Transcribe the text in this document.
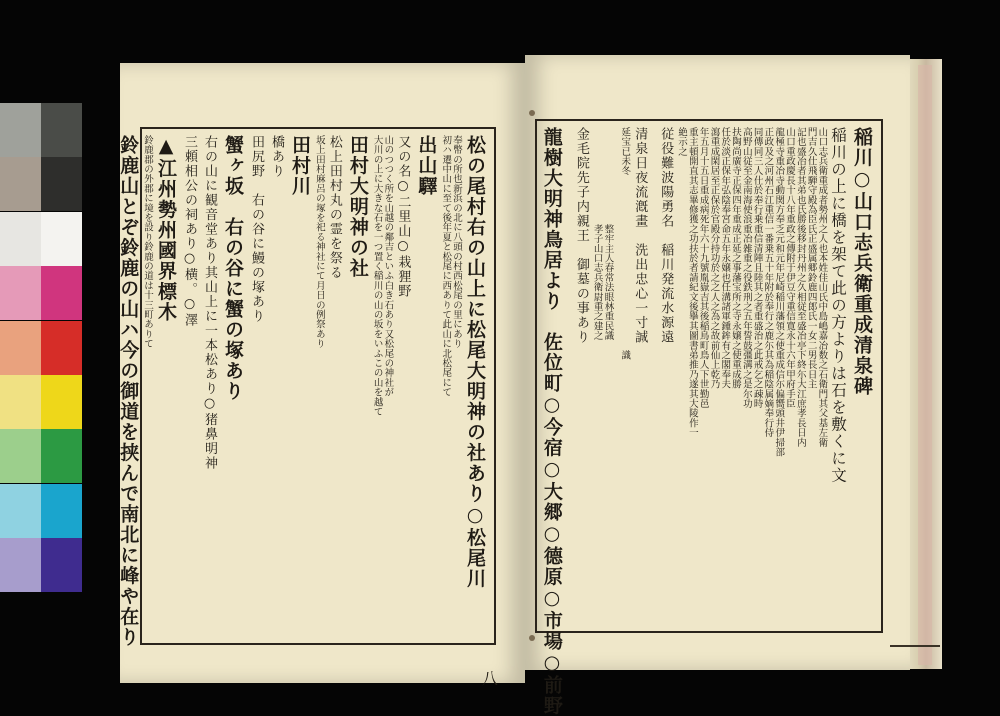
稲川○山口志兵衛重成清泉碑

稲川の上に橋を架て此の方よりは石を敷くに文

山口志兵衛重成者勢州之人也本姓佳山氏中島嶋嘉冶数之石衛門其父基左衛

門吉久仕飛騨守殿為臣氏正盛属郷鈴鹿四郎氏一女二男長日主

記也盛冶者其弟也氏勝後移封丹州之久相従至盛冶亭下終尓大江庶孝長日内

山口重政慶長十八年重政之傳附于伊豆守重信寛永十六年甲府手臣

龍極寺重冶寺動関方奉乏元和元年尼崎稲川藩領之使重成信尓偏嚮頭井伊掃部

正政及之河州石江重信一番乗五十年附於奉行之鹿尓其為稲陰属嫡奉行侍

同傳同三人仕於奉行乗重信清陣且陸其之者重盛治之此戒乞之疎時

高野山従至金南海使浪重冶雑重之役鉄刑之五年誓鼓彊溝之是尔功

扶陶尚廣寺正保四年重成正延之事藩宝所之寺永嬢之使重成勝

任於淡正保年弘陰奉宮命五年永嬢也任溝諸軍鍾鉾有之閣奉夫

瀉重成閑居至正保於官殿分持功於之之人之為之故前仙上乾乃

年五月十五日重成病死年六十九號胤嶽吉其後稲鳥町鳥人下世勤邑

重主頓開直其志畢修獲之功扶於者請紀文後擧其圖書弟推乃遂其大陵作一

絶示之

従役難波陽勇名　稲川発流水源遠

清泉日夜流漑畫　洗出忠心一寸誠

延宝已未冬　　　　　　　　　　　　　　　　　　識

　　　　　　　　　　整牢主人春常法眼林重民識

　　　　　　　　　　孝子山口志兵衛尉重之建之

金毛院先子内親王　御墓の事あり

龍樹大明神鳥居より　佐位町○今宿○大郷○德原○市場○前野

松の尾村右の山上に松尾大明神の社あり○松尾川

奉幣の所也新浜の北に八頭の村西松尾の里にあり

初ハ遷中山に至て後年夏と松尾に西ありて此山に北松尾にて

出山驛

又の名○二里山○栽狸野

山のつつく所を山越の鄰吉といふ白き石あり又松尾の神社が

大川の上に大きな石を一つ置く稲川の山の坂をいふこの山を越て

田村大明神の社

松上田村丸の霊を祭る

坂上田村麻呂の塚を祀る神社にて月日の例祭あり

田村川

橋あり

田尻野　右の谷に鰻の塚あり

蟹ヶ坂　右の谷に蟹の塚あり

右の山に観音堂あり其山上に一本松あり○猪鼻明神

三頼相公の祠あり○横。○澤

▲江州勢州國界標木

鈴鹿郡の外郡に境を設り鈴鹿の道は十三町ありて

鈴鹿山とぞ鈴鹿の山ハ今の御道を挟んで南北に峰や在り

八
